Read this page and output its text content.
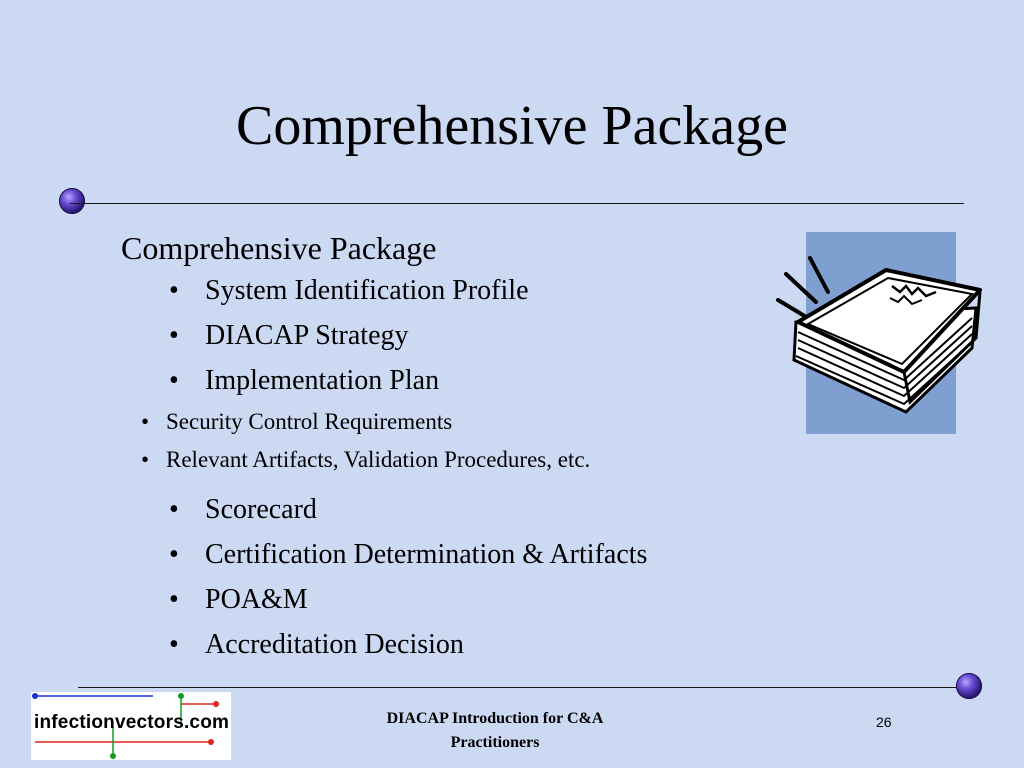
Comprehensive Package

Comprehensive Package

• System Identification Profile
• DIACAP Strategy
• Implementation Plan
• Security Control Requirements
• Relevant Artifacts, Validation Procedures, etc.
• Scorecard
• Certification Determination & Artifacts
• POA&M
• Accreditation Decision
infectionvectors.com	DIACAP Introduction for C&A
Practitioners
26
